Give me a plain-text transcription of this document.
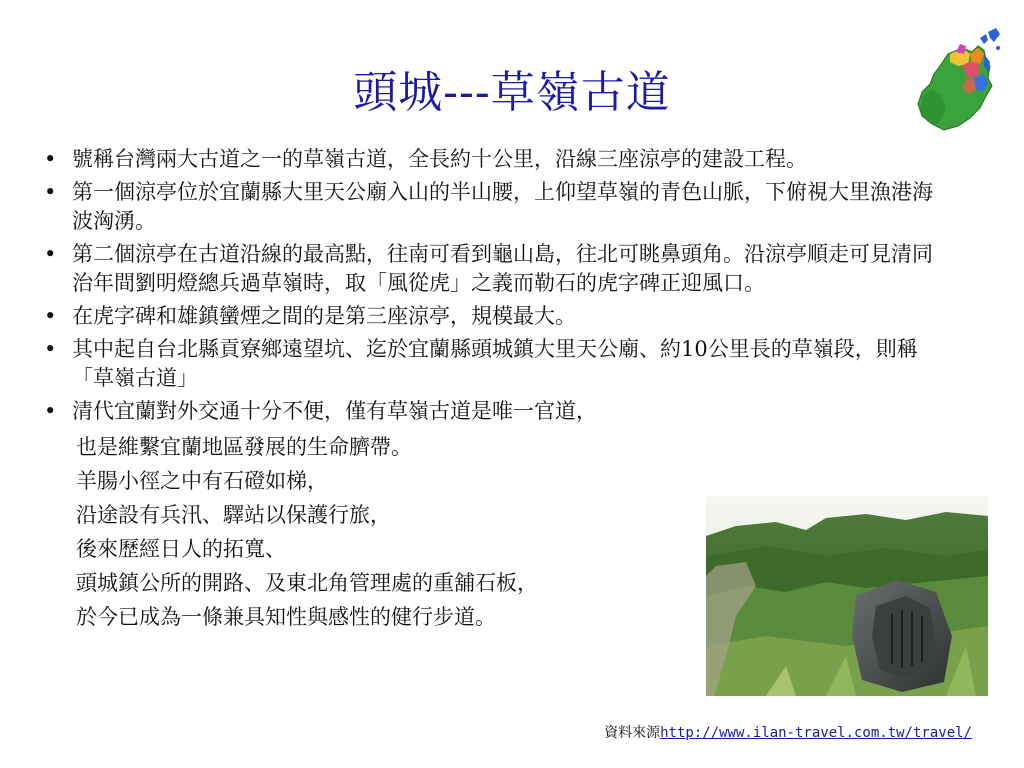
頭城---草嶺古道
• 號稱台灣兩大古道之一的草嶺古道，全長約十公里，沿線三座涼亭的建設工程。
• 第一個涼亭位於宜蘭縣大里天公廟入山的半山腰，上仰望草嶺的青色山脈，下俯視大里漁港海波洶湧。
• 第二個涼亭在古道沿線的最高點，往南可看到龜山島，往北可眺鼻頭角。沿涼亭順走可見清同治年間劉明燈總兵過草嶺時，取「風從虎」之義而勒石的虎字碑正迎風口。
• 在虎字碑和雄鎮蠻煙之間的是第三座涼亭，規模最大。
• 其中起自台北縣貢寮鄉遠望坑、迄於宜蘭縣頭城鎮大里天公廟、約10公里長的草嶺段，則稱「草嶺古道」
• 清代宜蘭對外交通十分不便，僅有草嶺古道是唯一官道，
也是維繫宜蘭地區發展的生命臍帶。
羊腸小徑之中有石磴如梯，
沿途設有兵汛、驛站以保護行旅，
後來歷經日人的拓寬、
頭城鎮公所的開路、及東北角管理處的重舖石板，
於今已成為一條兼具知性與感性的健行步道。
資料來源http://www.ilan-travel.com.tw/travel/
